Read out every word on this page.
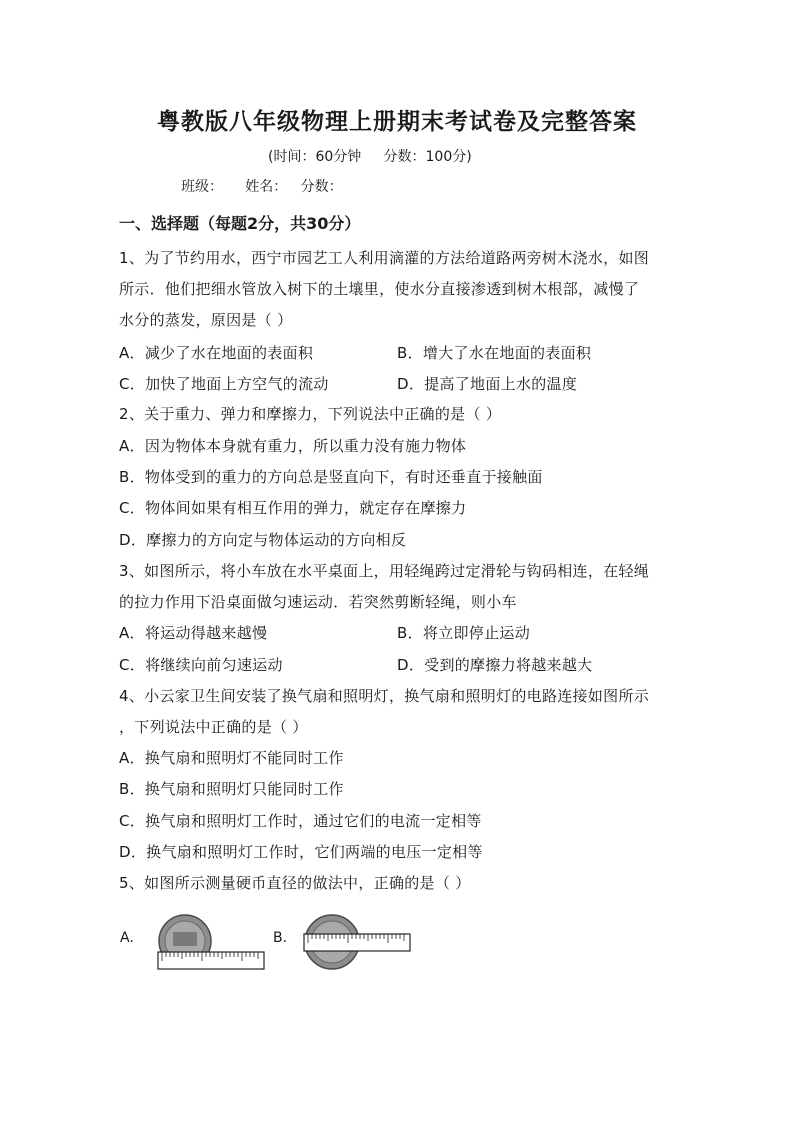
粤教版八年级物理上册期末考试卷及完整答案
(时间：60分钟     分数：100分)
班级：     姓名：   分数：
一、选择题（每题2分，共30分）
1、为了节约用水，西宁市园艺工人利用滴灌的方法给道路两旁树木浇水，如图
所示．他们把细水管放入树下的土壤里，使水分直接渗透到树木根部，减慢了
水分的蒸发，原因是（ ）
A．减少了水在地面的表面积	B．增大了水在地面的表面积
C．加快了地面上方空气的流动	D．提高了地面上水的温度
2、关于重力、弹力和摩擦力，下列说法中正确的是（ ）
A．因为物体本身就有重力，所以重力没有施力物体
B．物体受到的重力的方向总是竖直向下，有时还垂直于接触面
C．物体间如果有相互作用的弹力，就定存在摩擦力
D．摩擦力的方向定与物体运动的方向相反
3、如图所示，将小车放在水平桌面上，用轻绳跨过定滑轮与钩码相连，在轻绳
的拉力作用下沿桌面做匀速运动．若突然剪断轻绳，则小车
A．将运动得越来越慢	B．将立即停止运动
C．将继续向前匀速运动	D．受到的摩擦力将越来越大
4、小云家卫生间安装了换气扇和照明灯，换气扇和照明灯的电路连接如图所示
，下列说法中正确的是（ ）
A．换气扇和照明灯不能同时工作
B．换气扇和照明灯只能同时工作
C．换气扇和照明灯工作时，通过它们的电流一定相等
D．换气扇和照明灯工作时，它们两端的电压一定相等
5、如图所示测量硬币直径的做法中，正确的是（ ）
A.	B.
